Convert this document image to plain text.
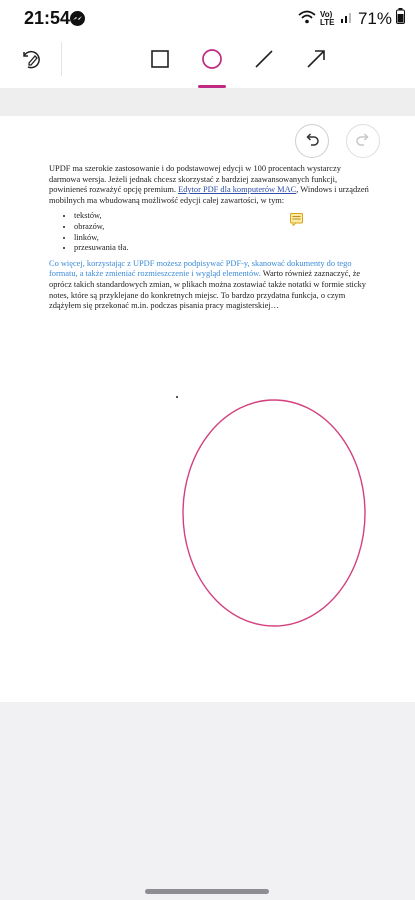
21:54	Vo) LTE 71%

UPDF ma szerokie zastosowanie i do podstawowej edycji w 100 procentach wystarczy darmowa wersja. Jeżeli jednak chcesz skorzystać z bardziej zaawansowanych funkcji, powinieneś rozważyć opcję premium. Edytor PDF dla komputerów MAC, Windows i urządzeń mobilnych ma wbudowaną możliwość edycji całej zawartości, w tym:

• tekstów,
• obrazów,
• linków,
• przesuwania tła.

Co więcej, korzystając z UPDF możesz podpisywać PDF-y, skanować dokumenty do tego formatu, a także zmieniać rozmieszczenie i wygląd elementów. Warto również zaznaczyć, że oprócz takich standardowych zmian, w plikach można zostawiać także notatki w formie sticky notes, które są przyklejane do konkretnych miejsc. To bardzo przydatna funkcja, o czym zdążyłem się przekonać m.in. podczas pisania pracy magisterskiej…
